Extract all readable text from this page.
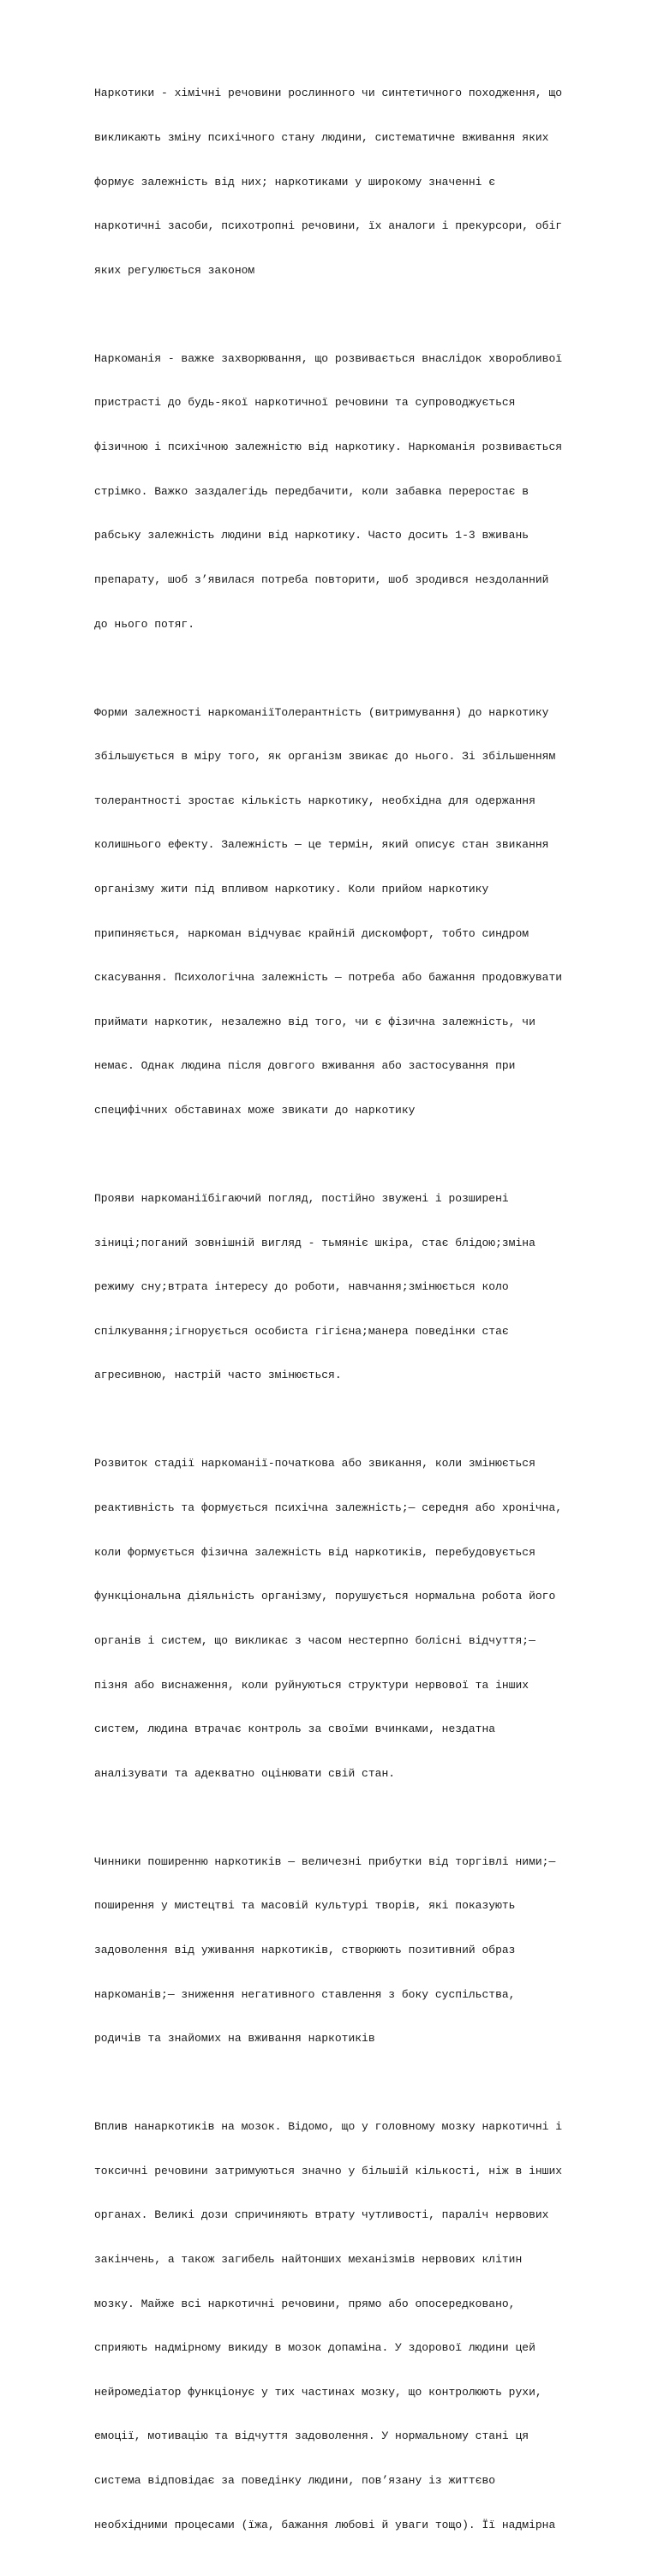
Наркотики - хімічні речовини рослинного чи синтетичного походження, що

викликають зміну психічного стану людини, систематичне вживання яких

формує залежність від них; наркотиками у широкому значенні є

наркотичні засоби, психотропні речовини, їх аналоги і прекурсори, обіг

яких регулюється законом

Наркоманія - важке захворювання, що розвивається внаслідок хворобливої

пристрасті до будь-якої наркотичної речовини та супроводжується

фізичною і психічною залежністю від наркотику. Наркоманія розвивається

стрімко. Важко заздалегідь передбачити, коли забавка переростає в

рабську залежність людини від наркотику. Часто досить 1-3 вживань

препарату, шоб з’явилася потреба повторити, шоб зродився нездоланний

до нього потяг.

Форми залежності наркоманіїТолерантність (витримування) до наркотику

збільшується в міру того, як організм звикає до нього. Зі збільшенням

толерантності зростає кількість наркотику, необхідна для одержання

колишнього ефекту. Залежність — це термін, який описує стан звикання

організму жити під впливом наркотику. Коли прийом наркотику

припиняється, наркоман відчуває крайній дискомфорт, тобто синдром

скасування. Психологічна залежність — потреба або бажання продовжувати

приймати наркотик, незалежно від того, чи є фізична залежність, чи

немає. Однак людина після довгого вживання або застосування при

специфічних обставинах може звикати до наркотику

Прояви наркоманіїбігаючий погляд, постійно звужені і розширені

зіниці;поганий зовнішній вигляд - тьмяніє шкіра, стає блідою;зміна

режиму сну;втрата інтересу до роботи, навчання;змінюється коло

спілкування;ігнорується особиста гігієна;манера поведінки стає

агресивною, настрій часто змінюється.

Розвиток стадії наркоманії-початкова або звикання, коли змінюється

реактивність та формується психічна залежність;— середня або хронічна,

коли формується фізична залежність від наркотиків, перебудовується

функціональна діяльність організму, порушується нормальна робота його

органів і систем, що викликає з часом нестерпно болісні відчуття;—

пізня або виснаження, коли руйнуються структури нервової та інших

систем, людина втрачає контроль за своїми вчинками, нездатна

аналізувати та адекватно оцінювати свій стан.

Чинники поширенню наркотиків — величезні прибутки від торгівлі ними;—

поширення у мистецтві та масовій культурі творів, які показують

задоволення від уживання наркотиків, створюють позитивний образ

наркоманів;— зниження негативного ставлення з боку суспільства,

родичів та знайомих на вживання наркотиків

Вплив нанаркотиків на мозок. Відомо, що у головному мозку наркотичні і

токсичні речовини затримуються значно у більшій кількості, ніж в інших

органах. Великі дози спричиняють втрату чутливості, параліч нервових

закінчень, а також загибель найтонших механізмів нервових клітин

мозку. Майже всі наркотичні речовини, прямо або опосередковано,

сприяють надмірному викиду в мозок допаміна. У здорової людини цей

нейромедіатор функціонує у тих частинах мозку, що контролюють рухи,

емоції, мотивацію та відчуття задоволення. У нормальному стані ця

система відповідає за поведінку людини, пов’язану із життєво

необхідними процесами (їжа, бажання любові й уваги тощо). Її надмірна
